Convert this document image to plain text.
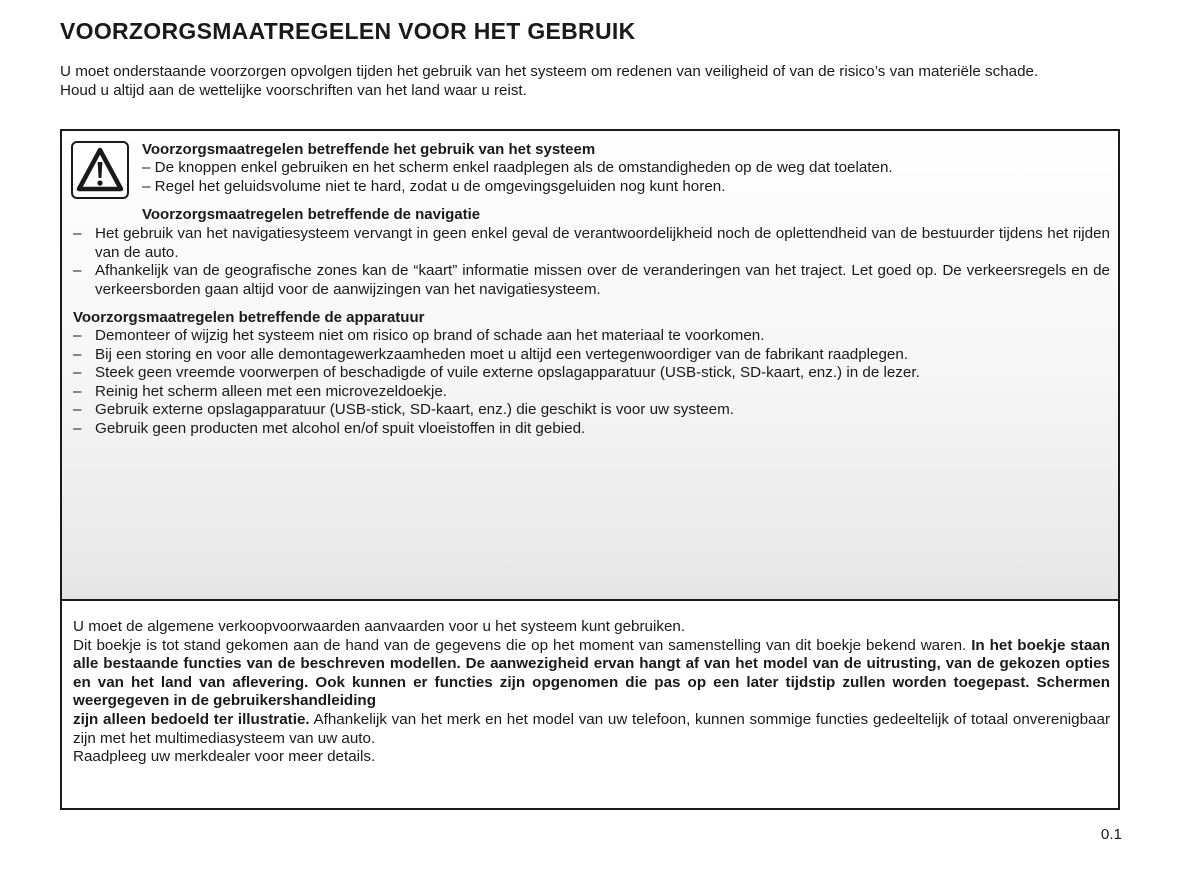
VOORZORGSMAATREGELEN VOOR HET GEBRUIK

U moet onderstaande voorzorgen opvolgen tijden het gebruik van het systeem om redenen van veiligheid of van de risico’s van materiële schade.

Houd u altijd aan de wettelijke voorschriften van het land waar u reist.

Voorzorgsmaatregelen betreffende het gebruik van het systeem
– De knoppen enkel gebruiken en het scherm enkel raadplegen als de omstandigheden op de weg dat toelaten.
– Regel het geluidsvolume niet te hard, zodat u de omgevingsgeluiden nog kunt horen.
Voorzorgsmaatregelen betreffende de navigatie
– Het gebruik van het navigatiesysteem vervangt in geen enkel geval de verantwoordelijkheid noch de oplettendheid van de bestuurder tijdens het rijden van de auto.
– Afhankelijk van de geografische zones kan de “kaart” informatie missen over de veranderingen van het traject. Let goed op. De verkeersregels en de verkeersborden gaan altijd voor de aanwijzingen van het navigatiesysteem.
Voorzorgsmaatregelen betreffende de apparatuur
– Demonteer of wijzig het systeem niet om risico op brand of schade aan het materiaal te voorkomen.
– Bij een storing en voor alle demontagewerkzaamheden moet u altijd een vertegenwoordiger van de fabrikant raadplegen.
– Steek geen vreemde voorwerpen of beschadigde of vuile externe opslagapparatuur (USB-stick, SD-kaart, enz.) in de lezer.
– Reinig het scherm alleen met een microvezeldoekje.
– Gebruik externe opslagapparatuur (USB-stick, SD-kaart, enz.) die geschikt is voor uw systeem.
– Gebruik geen producten met alcohol en/of spuit vloeistoffen in dit gebied.

U moet de algemene verkoopvoorwaarden aanvaarden voor u het systeem kunt gebruiken.

Dit boekje is tot stand gekomen aan de hand van de gegevens die op het moment van samenstelling van dit boekje bekend waren. In het boekje staan alle bestaande functies van de beschreven modellen. De aanwezigheid ervan hangt af van het model van de uitrusting, van de gekozen opties en van het land van aflevering. Ook kunnen er functies zijn opgenomen die pas op een later tijdstip zullen worden toegepast. Schermen weergegeven in de gebruikershandleiding

zijn alleen bedoeld ter illustratie. Afhankelijk van het merk en het model van uw telefoon, kunnen sommige functies gedeeltelijk of totaal onverenigbaar zijn met het multimediasysteem van uw auto.

Raadpleeg uw merkdealer voor meer details.

0.1
